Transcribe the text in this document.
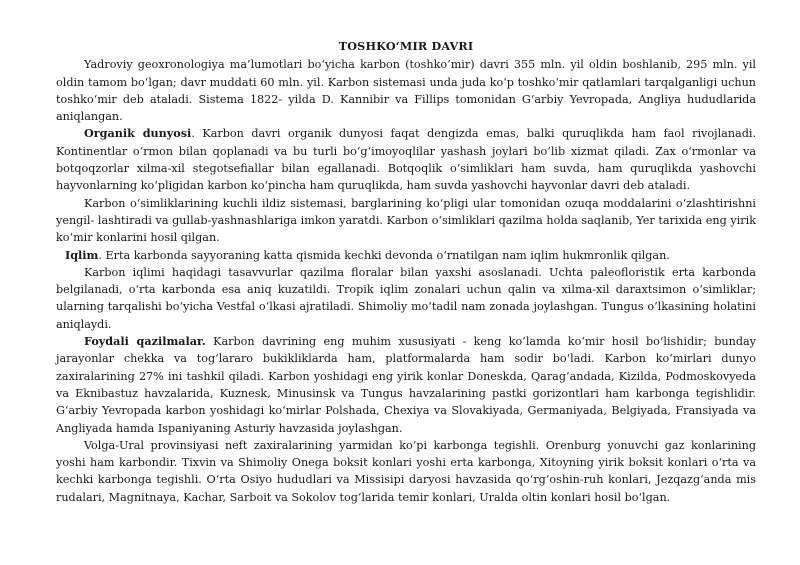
TOSHKO‘MIR DAVRI

Yadroviy geoxronologiya ma’lumotlari bo‘yicha karbon (toshko‘mir) davri 355 mln. yil oldin boshlanib, 295 mln. yil oldin tamom bo‘lgan; davr muddati 60 mln. yil. Karbon sistemasi unda juda ko‘p toshko‘mir qatlamlari tarqalganligi uchun toshko‘mir deb ataladi. Sistema 1822- yilda D. Kannibir va Fillips tomonidan G‘arbiy Yevropada, Angliya hududlarida aniqlangan.

Organik dunyosi. Karbon davri organik dunyosi faqat dengizda emas, balki quruqlikda ham faol rivojlanadi. Kontinentlar o‘rmon bilan qoplanadi va bu turli bo‘g‘imoyoqlilar yashash joylari bo‘lib xizmat qiladi. Zax o‘rmonlar va botqoqzorlar xilma-xil stegotsefiallar bilan egallanadi. Botqoqlik o‘simliklari ham suvda, ham quruqlikda yashovchi hayvonlarning ko‘pligidan karbon ko‘pincha ham quruqlikda, ham suvda yashovchi hayvonlar davri deb ataladi.

Karbon o‘simliklarining kuchli ildiz sistemasi, barglarining ko‘pligi ular tomonidan ozuqa moddalarini o‘zlashtirishni yengil- lashtiradi va gullab-yashnashlariga imkon yaratdi. Karbon o‘simliklari qazilma holda saqlanib, Yer tarixida eng yirik ko‘mir konlarini hosil qilgan.

Iqlim. Erta karbonda sayyoraning katta qismida kechki devonda o‘rnatilgan nam iqlim hukmronlik qilgan.

Karbon iqlimi haqidagi tasavvurlar qazilma floralar bilan yaxshi asoslanadi. Uchta paleofloristik erta karbonda belgilanadi, o‘rta karbonda esa aniq kuzatildi. Tropik iqlim zonalari uchun qalin va xilma-xil daraxtsimon o‘simliklar; ularning tarqalishi bo‘yicha Vestfal o‘lkasi ajratiladi. Shimoliy mo‘tadil nam zonada joylashgan. Tungus o‘lkasining holatini aniqlaydi.

Foydali qazilmalar. Karbon davrining eng muhim xususiyati - keng ko‘lamda ko‘mir hosil bo‘lishidir; bunday jarayonlar chekka va tog‘lararo bukikliklarda ham, platformalarda ham sodir bo‘ladi. Karbon ko‘mirlari dunyo zaxiralarining 27% ini tashkil qiladi. Karbon yoshidagi eng yirik konlar Doneskda, Qarag‘andada, Kizilda, Podmoskovyeda va Eknibastuz havzalarida, Kuznesk, Minusinsk va Tungus havzalarining pastki gorizontlari ham karbonga tegishlidir. G‘arbiy Yevropada karbon yoshidagi ko‘mirlar Polshada, Chexiya va Slovakiyada, Germaniyada, Belgiyada, Fransiyada va Angliyada hamda Ispaniyaning Asturiy havzasida joylashgan.

Volga-Ural provinsiyasi neft zaxiralarining yarmidan ko‘pi karbonga tegishli. Orenburg yonuvchi gaz konlarining yoshi ham karbondir. Tixvin va Shimoliy Onega boksit konlari yoshi erta karbonga, Xitoyning yirik boksit konlari o‘rta va kechki karbonga tegishli. O‘rta Osiyo hududlari va Missisipi daryosi havzasida qo‘rg‘oshin-ruh konlari, Jezqazg‘anda mis rudalari, Magnitnaya, Kachar, Sarboit va Sokolov tog‘larida temir konlari, Uralda oltin konlari hosil bo‘lgan.
